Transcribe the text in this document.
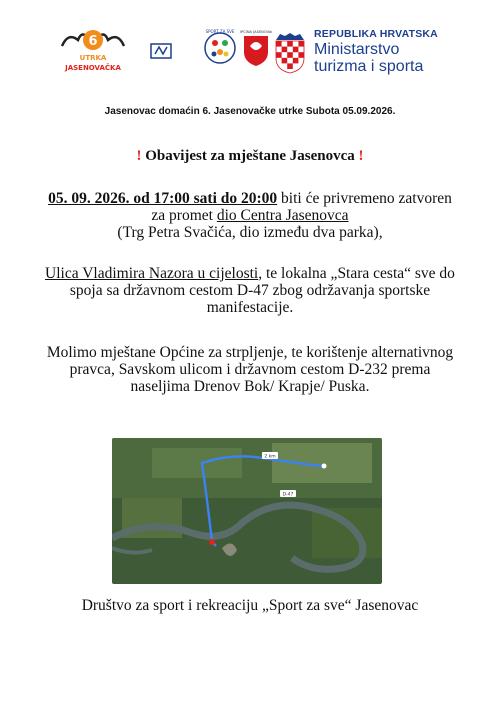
6
UTRKA
JASENOVAČKA
SPORT ZA SVE OPĆINA JASENOVAC	REPUBLIKA HRVATSKA
Ministarstvo
turizma i sporta
Jasenovac domaćin 6. Jasenovačke utrke Subota 05.09.2026.
! Obavijest za mještane Jasenovca !
05. 09. 2026. od 17:00 sati do 20:00 biti će privremeno zatvoren za promet dio Centra Jasenovca
(Trg Petra Svačića, dio između dva parka),
Ulica Vladimira Nazora u cijelosti, te lokalna „Stara cesta“ sve do spoja sa državnom cestom D-47 zbog održavanja sportske manifestacije.
Molimo mještane Općine za strpljenje, te korištenje alternativnog pravca, Savskom ulicom i državnom cestom D-232 prema naseljima Drenov Bok/ Krapje/ Puska.
2 km
D-47
Društvo za sport i rekreaciju „Sport za sve“ Jasenovac
